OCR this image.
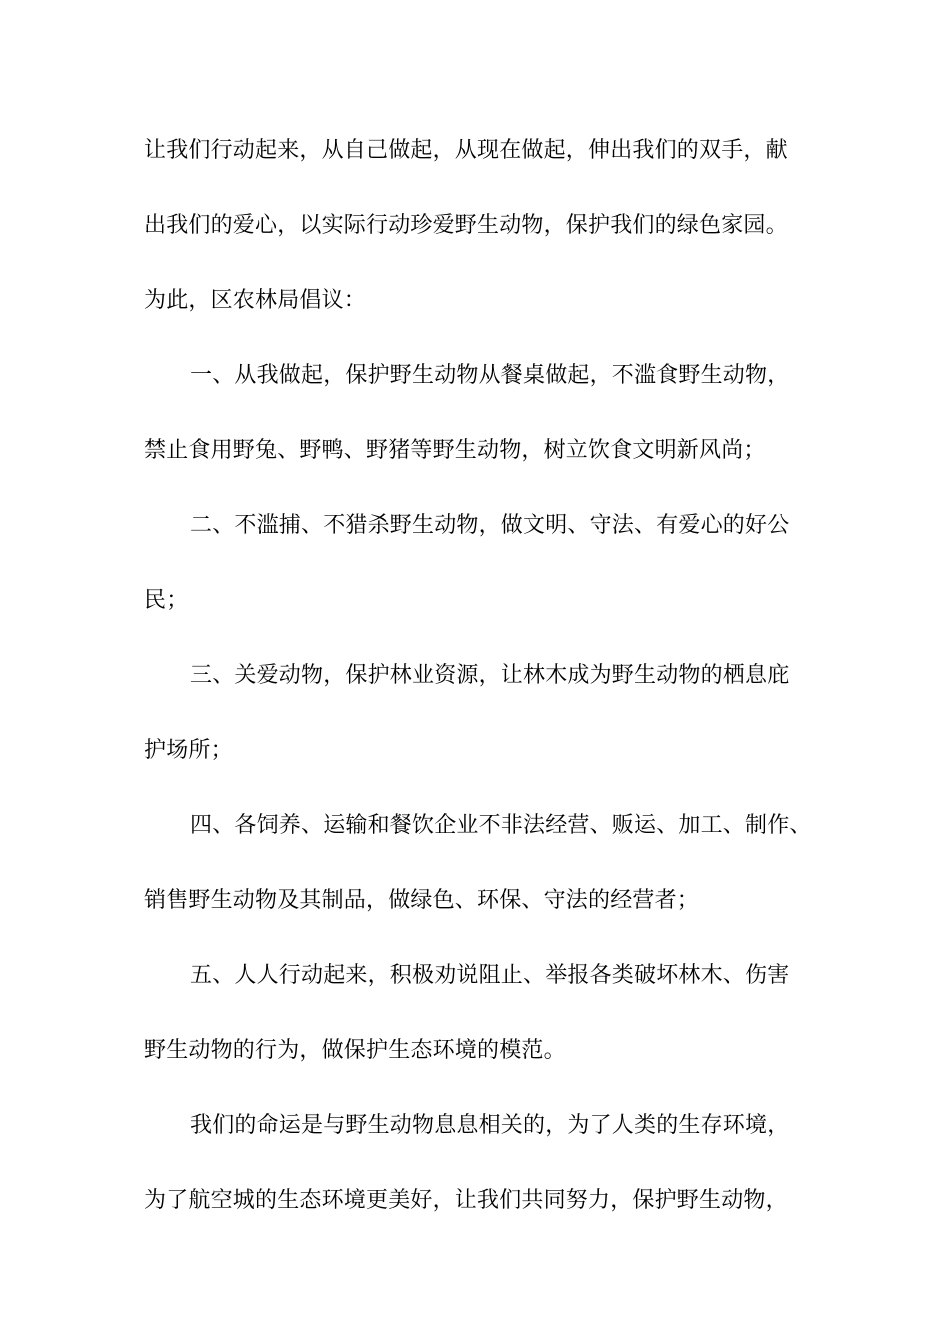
让我们行动起来，从自己做起，从现在做起，伸出我们的双手，献
出我们的爱心，以实际行动珍爱野生动物，保护我们的绿色家园。
为此，区农林局倡议：
一、从我做起，保护野生动物从餐桌做起，不滥食野生动物，
禁止食用野兔、野鸭、野猪等野生动物，树立饮食文明新风尚；
二、不滥捕、不猎杀野生动物，做文明、守法、有爱心的好公
民；
三、关爱动物，保护林业资源，让林木成为野生动物的栖息庇
护场所；
四、各饲养、运输和餐饮企业不非法经营、贩运、加工、制作、
销售野生动物及其制品，做绿色、环保、守法的经营者；
五、人人行动起来，积极劝说阻止、举报各类破坏林木、伤害
野生动物的行为，做保护生态环境的模范。
我们的命运是与野生动物息息相关的，为了人类的生存环境，
为了航空城的生态环境更美好，让我们共同努力，保护野生动物，
